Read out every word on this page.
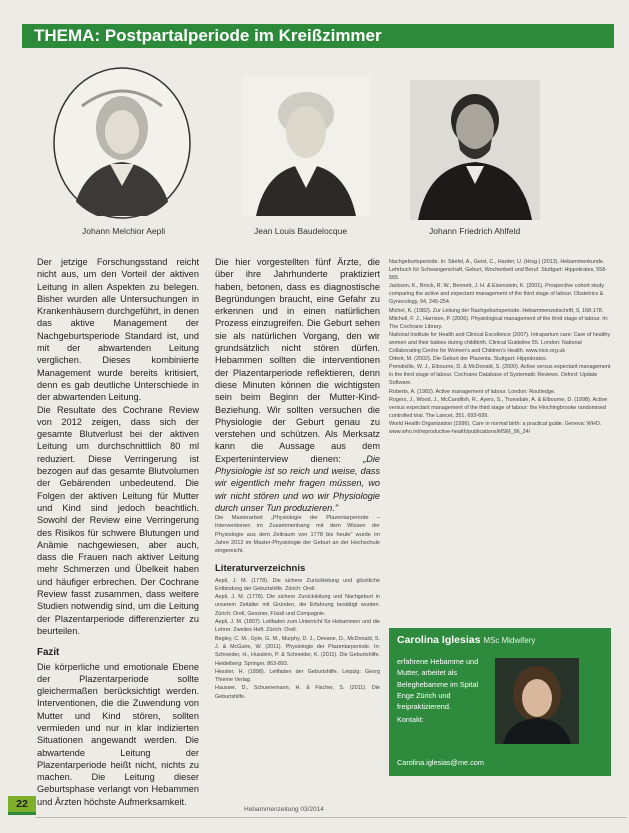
THEMA: Postpartalperiode im Kreißzimmer
Johann Melchior Aepli	Jean Louis Baudelocque	Johann Friedrich Ahlfeld

Der jetzige Forschungsstand reicht nicht aus, um den Vorteil der aktiven Leitung in allen Aspekten zu belegen. Bisher wurden alle Untersuchungen in Krankenhäusern durchgeführt, in denen das aktive Management der Nachgeburtsperiode Standard ist, und mit der abwartenden Leitung verglichen. Dieses kombinierte Management wurde bereits kritisiert, denn es gab deutliche Unterschiede in der abwartenden Leitung.

Die Resultate des Cochrane Review von 2012 zeigen, dass sich der gesamte Blutverlust bei der aktiven Leitung um durchschnittlich 80 ml reduziert. Diese Verringerung ist bezogen auf das gesamte Blutvolumen der Gebärenden unbedeutend. Die Folgen der aktiven Leitung für Mutter und Kind sind jedoch beachtlich. Sowohl der Review eine Verringerung des Risikos für schwere Blutungen und Anämie nachgewiesen, aber auch, dass die Frauen nach aktiver Leitung mehr Schmerzen und Übelkeit haben und häufiger erbrechen. Der Cochrane Review fasst zusammen, dass weitere Studien notwendig sind, um die Leitung der Plazentarperiode differenzierter zu beurteilen.

Fazit

Die körperliche und emotionale Ebene der Plazentarperiode sollte gleichermaßen berücksichtigt werden. Interventionen, die die Zuwendung von Mutter und Kind stören, sollten vermieden und nur in klar indizierten Situationen angewandt werden. Die abwartende Leitung der Plazentarperiode heißt nicht, nichts zu machen. Die Leitung dieser Geburtsphase verlangt von Hebammen und Ärzten höchste Aufmerksamkeit.

Die hier vorgestellten fünf Ärzte, die über ihre Jahrhunderte praktiziert haben, betonen, dass es diagnostische Begründungen braucht, eine Gefahr zu erkennen und in einen natürlichen Prozess einzugreifen. Die Geburt sehen sie als natürlichen Vorgang, den wir grundsätzlich nicht stören dürfen. Hebammen sollten die interventionen der Plazentarperiode reflektieren, denn diese Minuten können die wichtigsten sein beim Beginn der Mutter-Kind-Beziehung. Wir sollten versuchen die Physiologie der Geburt genau zu verstehen und schützen. Als Merksatz kann die Aussage aus dem Experteninterview dienen: „Die Physiologie ist so reich und weise, dass wir eigentlich mehr fragen müssen, wo wir nicht stören und wo wir Physiologie durch unser Tun produzieren."

Die Masterarbeit „Physiologie der Plazentarperiode – Interventionen im Zusammenhang mit dem Wissen der Physiologie aus dem Zeitraum von 1778 bis heute" wurde im Jahre 2012 im Master-Physiologie der Geburt an der Hochschule eingereicht.

Literaturverzeichnis

Aepli, J. M. (1778). Die sichere Zurückleitung und glückliche Entbindung der Geburtshilfe. Zürich: Orell.

Aepli, J. M. (1778). Die sichere Zurückleitung und Nachgeburt in unserem Zeitalter mit Gründen, die Erfahrung bestätigt wurden. Zürich: Orell, Gessner, Füssli und Compagnie.

Aepli, J. M. (1807). Leitfaden zum Unterricht für Hebammen und die Lehrer. Zweites Heft. Zürich: Orell.

Begley, C. M., Gyte, G. M., Murphy, D. J., Devane, D., McDonald, S. J. & McGuire, W. (2011). Physiologie der Plazentarperiode. In: Schneider, H., Husslein, P. & Schneider, K. (2011). Die Geburtshilfe. Heidelberg: Springer, 863-893.

Hessler, H. (1898). Leitfaden der Geburtshilfe. Leipzig: Georg Thieme Verlag.

Hausser, D., Schuenemann, H. & Fischer, S. (2011). Die Geburtshilfe.

Nachgeburtsperiode. In: Stiefel, A., Geist, C., Harder, U. (Hrsg.) (2013). Hebammenkunde. Lehrbuch für Schwangerschaft, Geburt, Wochenbett und Beruf. Stuttgart: Hippokrates, 558-565.

Jackson, K., Brock, R. W., Bennett, J. H. & Eisenstein, K. (2001). Prospective cohort study comparing the active and expectant management of the third stage of labour. Obstetrics & Gynecology, 94, 245-254.

Michel, K. (1982). Zur Leitung der Nachgeburtsperiode. Hebammenzeitschrift, 9, 168-178.

Mitchell, F. J., Harrison, P. (2006). Physiological management of the third stage of labour. In: The Cochrane Library.

National Institute for Health and Clinical Excellence (2007). Intrapartum care: Care of healthy women and their babies during childbirth. Clinical Guideline 55. London: National Collaborating Centre for Women's and Children's Health. www.nice.org.uk

Odent, M. (2002). Die Geburt der Plazenta. Stuttgart: Hippokrates.

Prendiville, W. J., Elbourne, D. & McDonald, S. (2000). Active versus expectant management in the third stage of labour. Cochrane Database of Systematic Reviews. Oxford: Update Software.

Roberts, A. (1982). Active management of labour. London: Routledge.

Rogers, J., Wood, J., McCandlish, R., Ayers, S., Truesdale, A. & Elbourne, D. (1998). Active versus expectant management of the third stage of labour: the Hinchingbrooke randomised controlled trial. The Lancet, 351, 693-699.

World Health Organization (1996). Care in normal birth: a practical guide. Geneva: WHO. www.who.int/reproductive-health/publications/MSM_96_24/

Carolina Iglesias MSc Midwifery
erfahrene Hebamme und Mutter, arbeitet als Beleghebamme im Spital Enge Zürich und freipraktizierend.
Kontakt:
Carolina.iglesias@me.com
22	Hebammenzeitung 03/2014
